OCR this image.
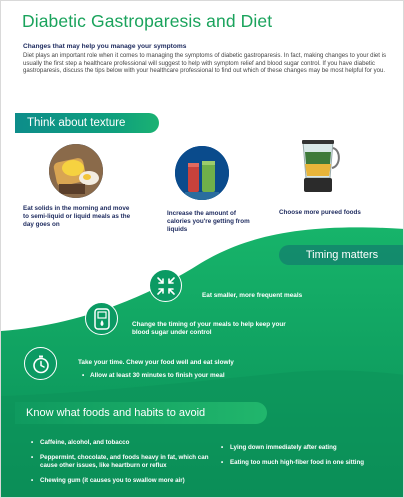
Diabetic Gastroparesis and Diet
Changes that may help you manage your symptoms
Diet plays an important role when it comes to managing the symptoms of diabetic gastroparesis. In fact, making changes to your diet is usually the first step a healthcare professional will suggest to help with symptom relief and blood sugar control. If you have diabetic gastroparesis, discuss the tips below with your healthcare professional to find out which of these changes may be most helpful for you.
Think about texture
Eat solids in the morning and move to semi-liquid or liquid meals as the day goes on
Increase the amount of calories you're getting from liquids
Choose more pureed foods
Timing matters
Eat smaller, more frequent meals
Change the timing of your meals to help keep your blood sugar under control
Take your time. Chew your food well and eat slowly
• Allow at least 30 minutes to finish your meal
Know what foods and habits to avoid
• Caffeine, alcohol, and tobacco
• Peppermint, chocolate, and foods heavy in fat, which can cause other issues, like heartburn or reflux
• Chewing gum (it causes you to swallow more air)
• Lying down immediately after eating
• Eating too much high-fiber food in one sitting
